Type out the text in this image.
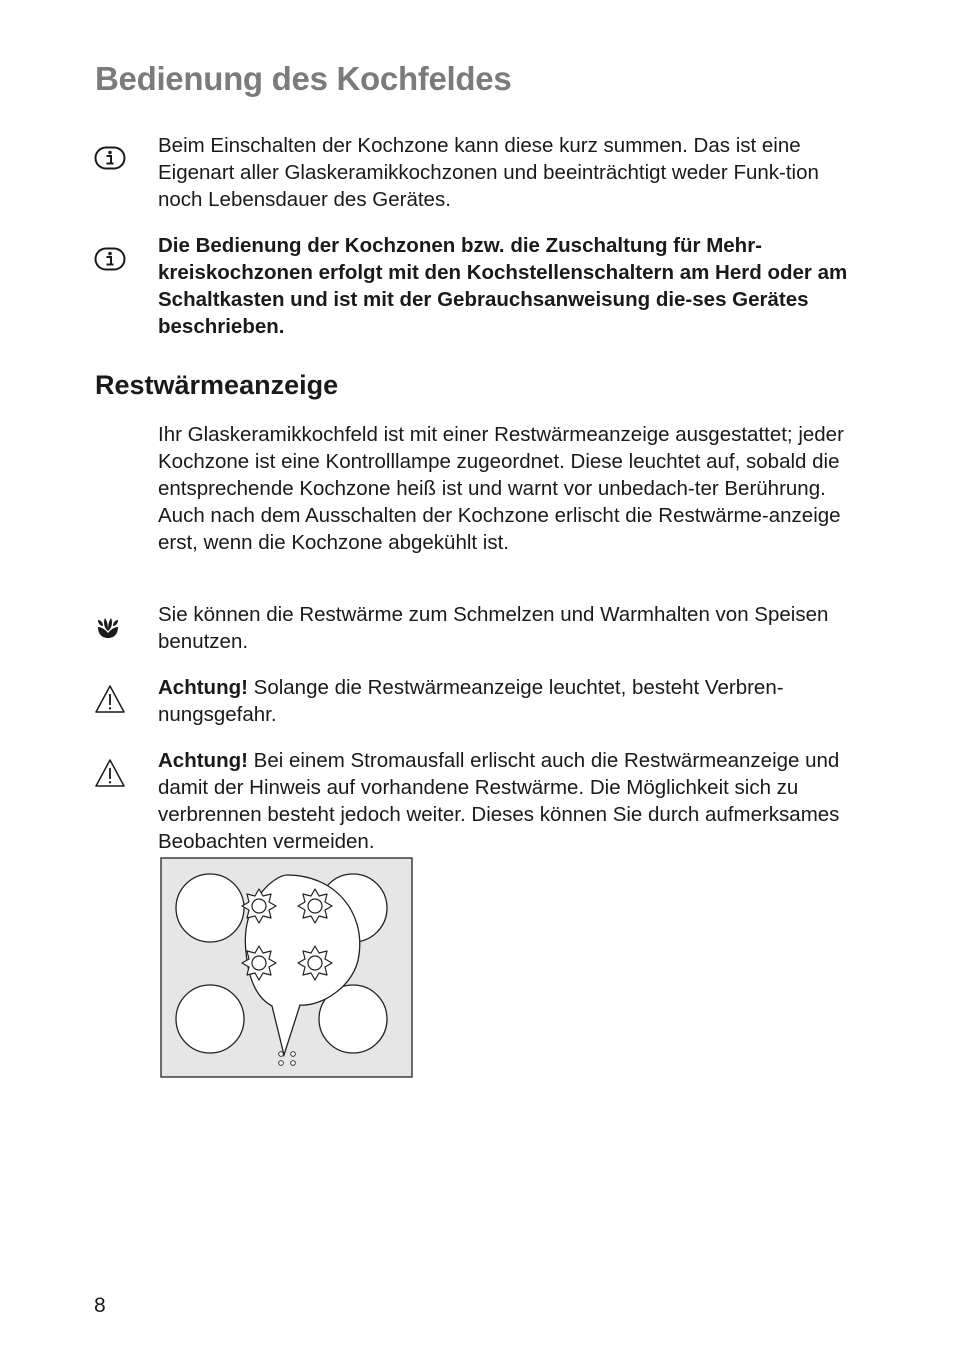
Bedienung des Kochfeldes

Beim Einschalten der Kochzone kann diese kurz summen. Das ist eine Eigenart aller Glaskeramikkochzonen und beeinträchtigt weder Funk-tion noch Lebensdauer des Gerätes.

Die Bedienung der Kochzonen bzw. die Zuschaltung für Mehr-kreiskochzonen erfolgt mit den Kochstellenschaltern am Herd oder am Schaltkasten und ist mit der Gebrauchsanweisung die-ses Gerätes beschrieben.

Restwärmeanzeige

Ihr Glaskeramikkochfeld ist mit einer Restwärmeanzeige ausgestattet; jeder Kochzone ist eine Kontrolllampe zugeordnet. Diese leuchtet auf, sobald die entsprechende Kochzone heiß ist und warnt vor unbedach-ter Berührung.

Auch nach dem Ausschalten der Kochzone erlischt die Restwärme-anzeige erst, wenn die Kochzone abgekühlt ist.

Sie können die Restwärme zum Schmelzen und Warmhalten von Speisen benutzen.

Achtung! Solange die Restwärmeanzeige leuchtet, besteht Verbren-nungsgefahr.

Achtung! Bei einem Stromausfall erlischt auch die Restwärmeanzeige und damit der Hinweis auf vorhandene Restwärme. Die Möglichkeit sich zu verbrennen besteht jedoch weiter. Dieses können Sie durch aufmerksames Beobachten vermeiden.

8
